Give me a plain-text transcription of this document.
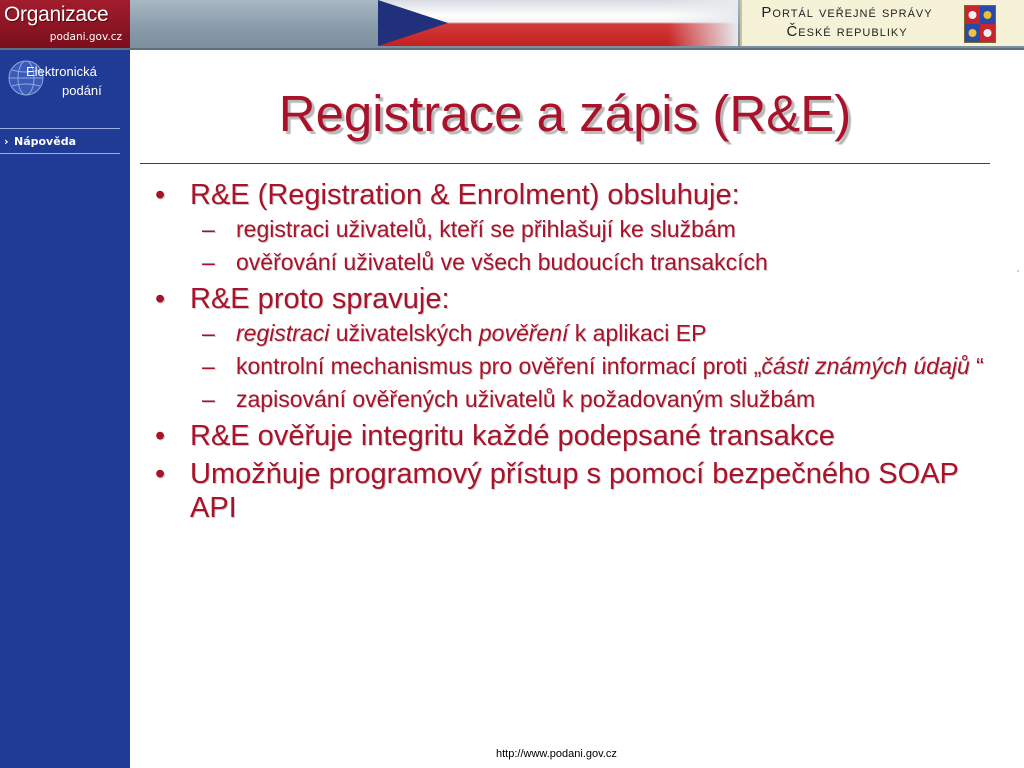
Organizace
podani.gov.cz
Portál veřejné správy
České republiky
Elektronická
podání
› Nápověda	Registrace a zápis (R&E)
• R&E (Registration & Enrolment) obsluhuje:
– registraci uživatelů, kteří se přihlašují ke službám
– ověřování uživatelů ve všech budoucích transakcích
• R&E proto spravuje:
– registraci uživatelských pověření k aplikaci EP
– kontrolní mechanismus pro ověření informací proti „části známých údajů “
– zapisování ověřených uživatelů k požadovaným službám
• R&E ověřuje integritu každé podepsané transakce
• Umožňuje programový přístup s pomocí bezpečného SOAP API
http://www.podani.gov.cz
